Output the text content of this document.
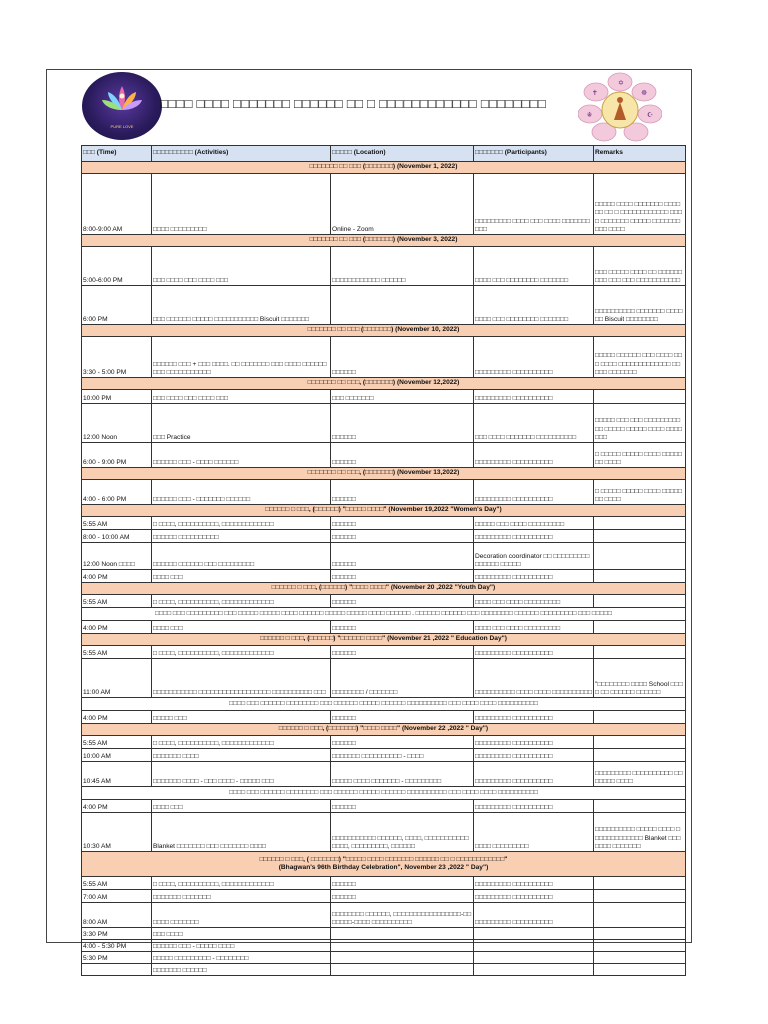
PURE LOVE
□□□□ □□□□ □□□□□□□ □□□□□□ □□ □ □□□□□□□□□□□□ □□□□□□□□
✡
☸
☪
✝
☬
□□□ (Time)	□□□□□□□□□□ (Activities)	□□□□□ (Location)	□□□□□□□ (Participants)	Remarks

□□□□□□□ □□ □□□ (□□□□□□□) (November 1, 2022)				

8:00-9:00 AM	□□□□ □□□□□□□□□	Online - Zoom	□□□□□□□□□ □□□□ □□□ □□□□ □□□□□□□□□□	□□□□□ □□□□ □□□□□□□ □□□□□□ □□ □ □□□□□□□□□□□□ □□□□ □□□□□□□ □□□□□ □□□□□□□□□□ □□□□

□□□□□□□ □□ □□□ (□□□□□□□) (November 3, 2022)				

5:00-6:00 PM	□□□ □□□□ □□□ □□□□ □□□	□□□□□□□□□□□□ □□□□□□	□□□□ □□□ □□□□□□□□ □□□□□□□	□□□ □□□□□ □□□□ □□ □□□□□□ □□□ □□□ □□□ □□□□□□□□□□□
6:00 PM	□□□ □□□□□□ □□□□□ □□□□□□□□□□□ Biscuit □□□□□□□		□□□□ □□□ □□□□□□□□ □□□□□□□	□□□□□□□□□□ □□□□□□□ □□□□□□ Biscuit □□□□□□□□

□□□□□□□ □□ □□□ (□□□□□□□) (November 10, 2022)				

3:30 - 5:00 PM	□□□□□□ □□□ + □□□ □□□□. □□ □□□□□□□ □□□ □□□□ □□□□□□□□□ □□□□□□□□□□□	□□□□□□	□□□□□□□□□ □□□□□□□□□□	□□□□□ □□□□□□ □□□ □□□□ □□□ □□□□ □□□□□□□□□□□□□ □□□□□ □□□□□□□

□□□□□□□ □□ □□□, (□□□□□□□) (November 12,2022)				

10:00 PM	□□□ □□□□ □□□ □□□□ □□□	□□□ □□□□□□□	□□□□□□□□□ □□□□□□□□□□	
12:00 Noon	□□□ Practice	□□□□□□	□□□ □□□□ □□□□□□□ □□□□□□□□□□	□□□□□ □□□ □□□ □□□□□□□□□□□ □□□□□ □□□□□ □□□□ □□□□□□□
6:00 - 9:00 PM	□□□□□□ □□□ - □□□□ □□□□□□	□□□□□□	□□□□□□□□□ □□□□□□□□□□	□ □□□□□ □□□□□ □□□□ □□□□□□□ □□□□

□□□□□□□ □□ □□□, (□□□□□□□) (November 13,2022)				

4:00 - 6:00 PM	□□□□□□ □□□ - □□□□□□□ □□□□□□	□□□□□□	□□□□□□□□□ □□□□□□□□□□	□ □□□□□ □□□□□ □□□□ □□□□□□□ □□□□

□□□□□□ □ □□□, (□□□□□□) "□□□□□ □□□□" (November 19,2022 "Women's Day")				

5:55 AM	□ □□□□, □□□□□□□□□□, □□□□□□□□□□□□□	□□□□□□	□□□□□ □□□ □□□□ □□□□□□□□□	
8:00 - 10:00 AM	□□□□□□ □□□□□□□□□□	□□□□□□	□□□□□□□□□ □□□□□□□□□□	
12:00 Noon □□□□	□□□□□□ □□□□□□ □□□ □□□□□□□□□	□□□□□□	Decoration coordinator □□ □□□□□□□□□ □□□□□□ □□□□□	
4:00 PM	□□□□ □□□	□□□□□□	□□□□□□□□□ □□□□□□□□□□	

□□□□□□ □ □□□, (□□□□□□) "□□□□ □□□□" (November 20 ,2022 "Youth Day")				

5:55 AM	□ □□□□, □□□□□□□□□□, □□□□□□□□□□□□□	□□□□□□	□□□□ □□□ □□□□ □□□□□□□□□	
□□□□ □□□ □□□□□□□□□ □□□ □□□□□ □□□□□ □□□□ □□□□□□ □□□□□ □□□□□ □□□□ □□□□□□ . □□□□□□ □□□□□□ □□□ □□□□□□□□ □□□□□□ □□□□□□□□□ □□□ □□□□□				
4:00 PM	□□□□ □□□	□□□□□□	□□□□ □□□ □□□□ □□□□□□□□□	

□□□□□□ □ □□□, (□□□□□□) "□□□□□□ □□□□" (November 21 ,2022 " Education Day")				

5:55 AM	□ □□□□, □□□□□□□□□□, □□□□□□□□□□□□□	□□□□□□	□□□□□□□□□ □□□□□□□□□□	
11:00 AM	□□□□□□□□□□□ □□□□□□□□□□□□□□□□□□ □□□□□□□□□□ □□□	□□□□□□□□ / □□□□□□□	□□□□□□□□□□ □□□□ □□□□ □□□□□□□□□□	"□□□□□□□□ □□□□ School □□□□ □□ □□□□□□ □□□□□□
□□□□ □□□ □□□□□□ □□□□□□□□ □□□ □□□□□□ □□□□□ □□□□□□ □□□□□□□□□□ □□□ □□□□ □□□□ □□□□□□□□□□				
4:00 PM	□□□□□ □□□	□□□□□□	□□□□□□□□□ □□□□□□□□□□	

□□□□□□ □ □□□, (□□□□□□□) "□□□□ □□□□" (November 22 ,2022 " Day")				

5:55 AM	□ □□□□, □□□□□□□□□□, □□□□□□□□□□□□□	□□□□□□	□□□□□□□□□ □□□□□□□□□□	
10:00 AM	□□□□□□□ □□□□	□□□□□□□ □□□□□□□□□□ - □□□□	□□□□□□□□□ □□□□□□□□□□	
10:45 AM	□□□□□□□ □□□□ - □□□ □□□□ - □□□□□ □□□	□□□□□ □□□□ □□□□□□□ - □□□□□□□□□	□□□□□□□□□ □□□□□□□□□□	□□□□□□□□□ □□□□□□□□□□ □□□□□□□ □□□□
□□□□ □□□ □□□□□□ □□□□□□□□ □□□ □□□□□□ □□□□□ □□□□□□ □□□□□□□□□□ □□□ □□□□ □□□□ □□□□□□□□□□				
4:00 PM	□□□□ □□□	□□□□□□	□□□□□□□□□ □□□□□□□□□□	
10:30 AM	Blanket □□□□□□□ □□□ □□□□□□□ □□□□	□□□□□□□□□□□ □□□□□□, □□□□, □□□□□□□□□□□□□□□, □□□□□□□□□, □□□□□□	□□□□ □□□□□□□□□	□□□□□□□□□□ □□□□□ □□□□ □□□□□□□□□□□□□ Blanket □□□ □□□□ □□□□□□□

□□□□□□ □ □□□, ( □□□□□□□) "□□□□□ □□□□ □□□□□□□ □□□□□□ □□ □ □□□□□□□□□□□□"
(Bhagwan's 96th Birthday Celebration", November 23 ,2022 " Day")				

5:55 AM	□ □□□□, □□□□□□□□□□, □□□□□□□□□□□□□	□□□□□□	□□□□□□□□□ □□□□□□□□□□	
7:00 AM	□□□□□□□ □□□□□□□	□□□□□□	□□□□□□□□□ □□□□□□□□□□	
8:00 AM	□□□□ □□□□□□□	□□□□□□□□ □□□□□□, □□□□□□□□□□□□□□□□□-□□□□□□□-□□□□ □□□□□□□□□□	□□□□□□□□□ □□□□□□□□□□	
3:30 PM	□□□ □□□□			
4:00 - 5:30 PM	□□□□□□ □□□ - □□□□□ □□□□			
5:30 PM	□□□□□ □□□□□□□□□ - □□□□□□□□			
	□□□□□□□ □□□□□□			
